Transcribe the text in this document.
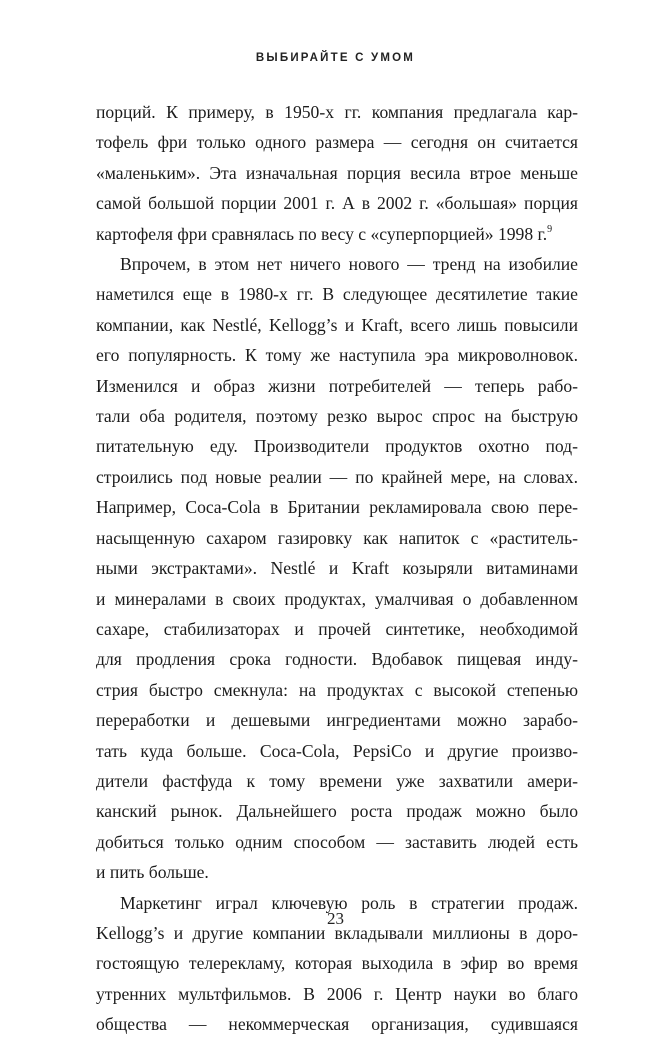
ВЫБИРАЙТЕ С УМОМ

порций. К примеру, в 1950-х гг. компания предлагала кар-
тофель фри только одного размера — сегодня он считается
«маленьким». Эта изначальная порция весила втрое меньше
самой большой порции 2001 г. А в 2002 г. «большая» порция
картофеля фри сравнялась по весу с «суперпорцией» 1998 г.$^9$

Впрочем, в этом нет ничего нового — тренд на изобилие
наметился еще в 1980-х гг. В следующее десятилетие такие
компании, как Nestlé, Kellogg’s и Kraft, всего лишь повысили
его популярность. К тому же наступила эра микроволновок.
Изменился и образ жизни потребителей — теперь рабо-
тали оба родителя, поэтому резко вырос спрос на быструю
питательную еду. Производители продуктов охотно под-
строились под новые реалии — по крайней мере, на словах.
Например, Coca-Cola в Британии рекламировала свою пере-
насыщенную сахаром газировку как напиток с «раститель-
ными экстрактами». Nestlé и Kraft козыряли витаминами
и минералами в своих продуктах, умалчивая о добавленном
сахаре, стабилизаторах и прочей синтетике, необходимой
для продления срока годности. Вдобавок пищевая инду-
стрия быстро смекнула: на продуктах с высокой степенью
переработки и дешевыми ингредиентами можно зарабо-
тать куда больше. Coca-Cola, PepsiCo и другие произво-
дители фастфуда к тому времени уже захватили амери-
канский рынок. Дальнейшего роста продаж можно было
добиться только одним способом — заставить людей есть
и пить больше.

Маркетинг играл ключевую роль в стратегии продаж.
Kellogg’s и другие компании вкладывали миллионы в доро-
гостоящую телерекламу, которая выходила в эфир во время
утренних мультфильмов. В 2006 г. Центр науки во благо
общества — некоммерческая организация, судившаяся

23
